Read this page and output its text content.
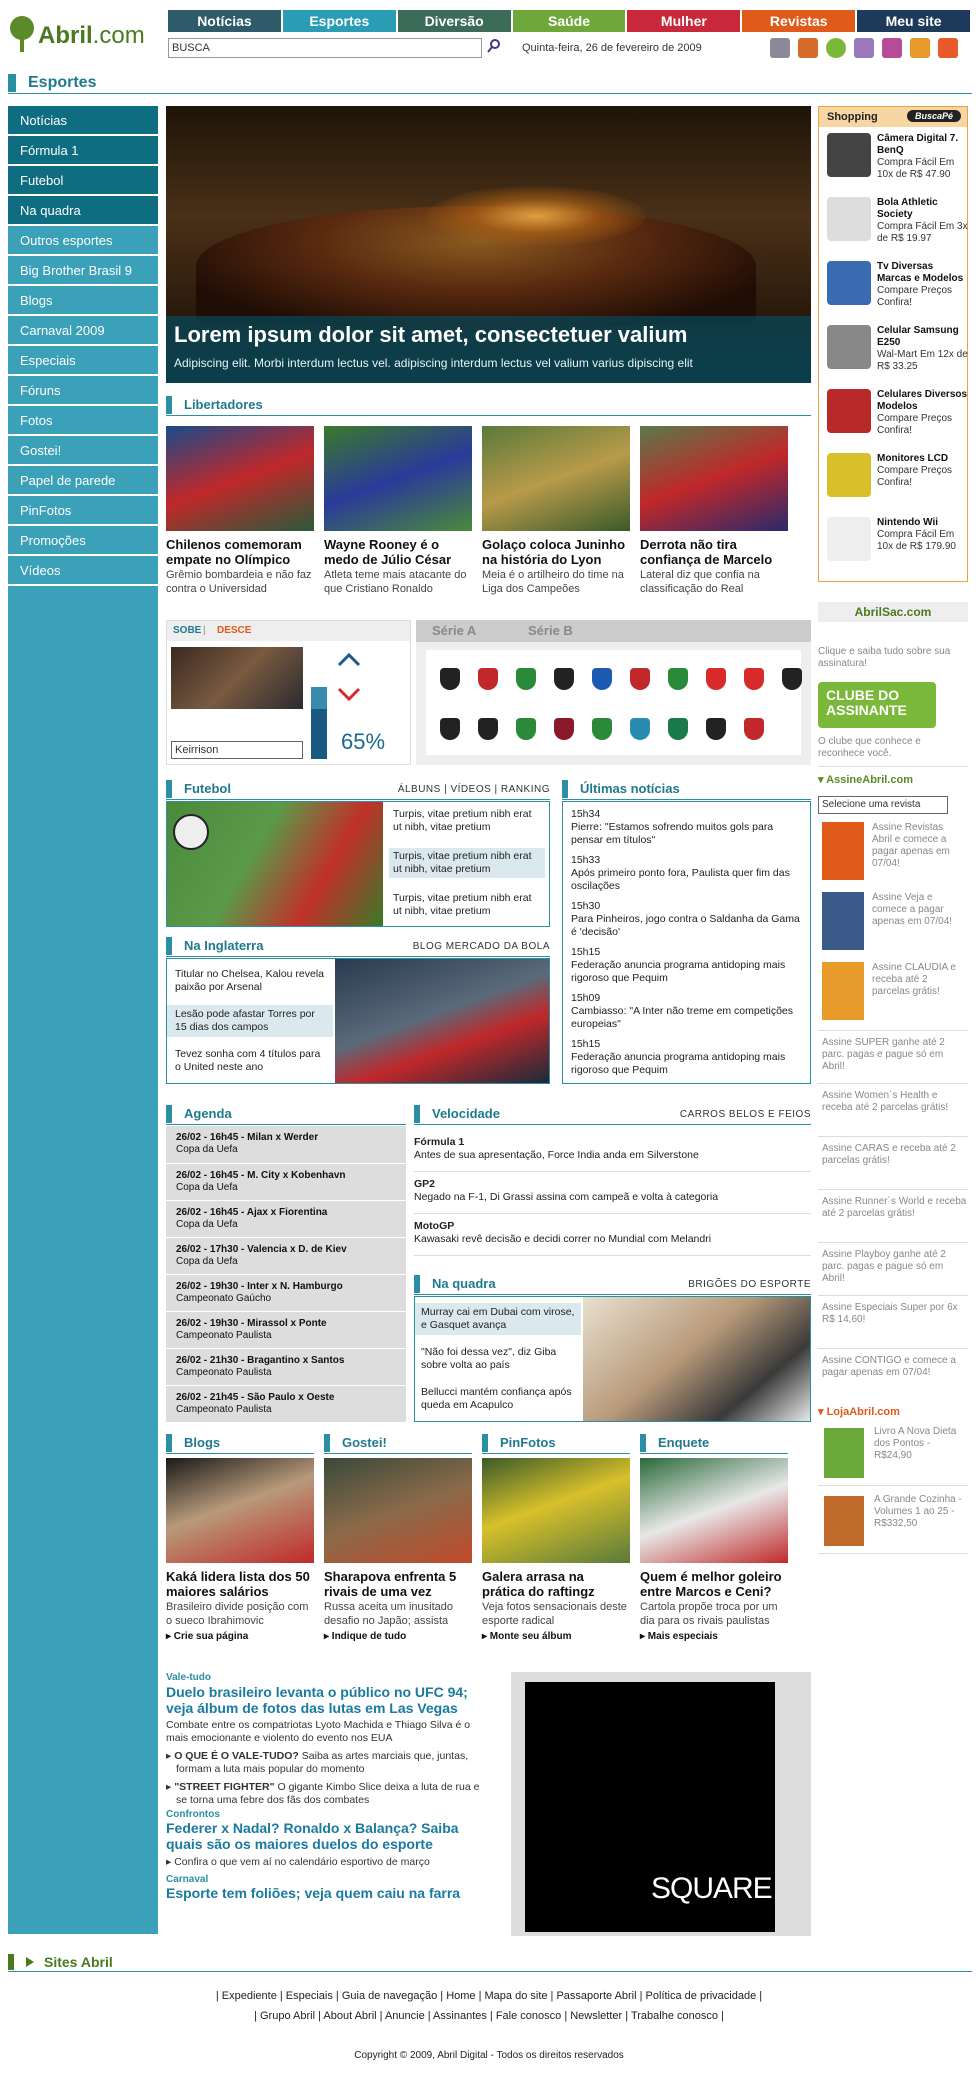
Abril.com
Notícias	Esportes	Diversão	Saúde	Mulher	Revistas	Meu site
BUSCA	Quinta-feira, 26 de fevereiro de 2009
Esportes
Notícias
Fórmula 1
Futebol
Na quadra
Outros esportes
Big Brother Brasil 9
Blogs
Carnaval 2009
Especiais
Fóruns
Fotos
Gostei!
Papel de parede
PinFotos
Promoções
Vídeos
Lorem ipsum dolor sit amet, consectetuer valium
Adipiscing elit. Morbi interdum lectus vel. adipiscing interdum lectus vel valium varius dipiscing elit
Libertadores
Chilenos comemoram empate no Olímpico
Grêmio bombardeia e não faz contra o Universidad
Wayne Rooney é o medo de Júlio César
Atleta teme mais atacante do que Cristiano Ronaldo
Golaço coloca Juninho na história do Lyon
Meia é o artilheiro do time na Liga dos Campeões
Derrota não tira confiança de Marcelo
Lateral diz que confia na classificação do Real
Shopping	BuscaPé
Câmera Digital 7. BenQ
Compra Fácil Em 10x de R$ 47.90
Bola Athletic Society
Compra Fácil Em 3x de R$ 19.97
Tv Diversas Marcas e Modelos
Compare Preços Confira!
Celular Samsung E250
Wal-Mart Em 12x de R$ 33.25
Celulares Diversos Modelos
Compare Preços Confira!
Monitores LCD
Compare Preços Confira!
Nintendo Wii
Compra Fácil Em 10x de R$ 179.90
SOBE | DESCE
Keirrison	65%
Série A	Série B
Futebol	ÁLBUNS | VÍDEOS | RANKING
Turpis, vitae pretium nibh erat ut nibh, vitae pretium
Turpis, vitae pretium nibh erat ut nibh, vitae pretium
Turpis, vitae pretium nibh erat ut nibh, vitae pretium
Na Inglaterra	BLOG MERCADO DA BOLA
Titular no Chelsea, Kalou revela paixão por Arsenal
Lesão pode afastar Torres por 15 dias dos campos
Tevez sonha com 4 títulos para o United neste ano
Últimas notícias
15h34
Pierre: "Estamos sofrendo muitos gols para pensar em títulos"
15h33
Após primeiro ponto fora, Paulista quer fim das oscilações
15h30
Para Pinheiros, jogo contra o Saldanha da Gama é 'decisão'
15h15
Federação anuncia programa antidoping mais rigoroso que Pequim
15h09
Cambiasso: "A Inter não treme em competições europeias"
15h15
Federação anuncia programa antidoping mais rigoroso que Pequim
Agenda
26/02 - 16h45 - Milan x Werder
Copa da Uefa
26/02 - 16h45 - M. City x Kobenhavn
Copa da Uefa
26/02 - 16h45 - Ajax x Fiorentina
Copa da Uefa
26/02 - 17h30 - Valencia x D. de Kiev
Copa da Uefa
26/02 - 19h30 - Inter x N. Hamburgo
Campeonato Gaúcho
26/02 - 19h30 - Mirassol x Ponte
Campeonato Paulista
26/02 - 21h30 - Bragantino x Santos
Campeonato Paulista
26/02 - 21h45 - São Paulo x Oeste
Campeonato Paulista
Velocidade	CARROS BELOS E FEIOS
Fórmula 1
Antes de sua apresentação, Force India anda em Silverstone
GP2
Negado na F-1, Di Grassi assina com campeã e volta à categoria
MotoGP
Kawasaki revê decisão e decidi correr no Mundial com Melandri
Na quadra	BRIGÕES DO ESPORTE
Murray cai em Dubai com virose, e Gasquet avança
"Não foi dessa vez", diz Giba sobre volta ao país
Bellucci mantém confiança após queda em Acapulco
Blogs
Kaká lidera lista dos 50 maiores salários
Brasileiro divide posição com o sueco Ibrahimovic
▸ Crie sua página
Gostei!
Sharapova enfrenta 5 rivais de uma vez
Russa aceita um inusitado desafio no Japão; assista
▸ Indique de tudo
PinFotos
Galera arrasa na prática do raftingz
Veja fotos sensacionais deste esporte radical
▸ Monte seu álbum
Enquete
Quem é melhor goleiro entre Marcos e Ceni?
Cartola propõe troca por um dia para os rivais paulistas
▸ Mais especiais
Vale-tudo
Duelo brasileiro levanta o público no UFC 94; veja álbum de fotos das lutas em Las Vegas
Combate entre os compatriotas Lyoto Machida e Thiago Silva é o mais emocionante e violento do evento nos EUA
▸ O QUE É O VALE-TUDO? Saiba as artes marciais que, juntas, formam a luta mais popular do momento
▸ "STREET FIGHTER" O gigante Kimbo Slice deixa a luta de rua e se torna uma febre dos fãs dos combates
Confrontos
Federer x Nadal? Ronaldo x Balança? Saiba quais são os maiores duelos do esporte
▸ Confira o que vem aí no calendário esportivo de março
Carnaval
Esporte tem foliões; veja quem caiu na farra	SQUARE
AbrilSac.com
Clique e saiba tudo sobre sua assinatura!
CLUBE DO ASSINANTE
O clube que conhece e reconhece você.
▾ AssineAbril.com
Selecione uma revista
Assine Revistas Abril e comece a pagar apenas em 07/04!
Assine Veja e comece a pagar apenas em 07/04!
Assine CLAUDIA e receba até 2 parcelas grátis!
Assine SUPER ganhe até 2 parc. pagas e pague só em Abril!
Assine Women´s Health e receba até 2 parcelas grátis!
Assine CARAS e receba até 2 parcelas grátis!
Assine Runner´s World e receba até 2 parcelas grátis!
Assine Playboy ganhe até 2 parc. pagas e pague só em Abril!
Assine Especiais Super por 6x R$ 14,60!
Assine CONTIGO e comece a pagar apenas em 07/04!
▾ LojaAbril.com
Livro A Nova Dieta dos Pontos - R$24,90
A Grande Cozinha - Volumes 1 ao 25 - R$332,50
Sites Abril
| Expediente | Especiais | Guia de navegação | Home | Mapa do site | Passaporte Abril | Política de privacidade |
| Grupo Abril | About Abril | Anuncie | Assinantes | Fale conosco | Newsletter | Trabalhe conosco |
Copyright © 2009, Abril Digital - Todos os direitos reservados
